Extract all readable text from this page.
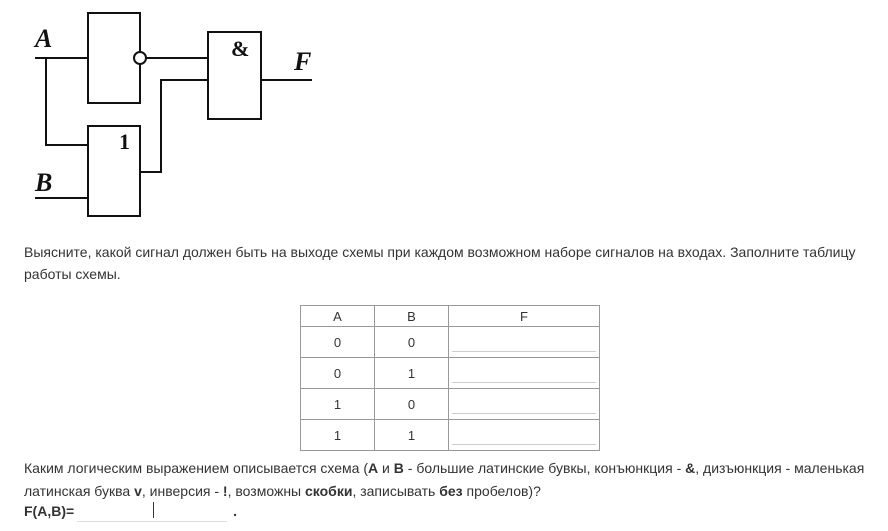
A
B
F
&
1
Выясните, какой сигнал должен быть на выходе схемы при каждом возможном наборе сигналов на входах. Заполните таблицу работы схемы.
A	B	F
0	0	

0	1	

1	0	

1	1	
Каким логическим выражением описывается схема (A и B - большие латинские бувкы, конъюнкция - &, дизъюнкция - маленькая латинская буква v, инверсия - !, возможны скобки, записывать без пробелов)?
F(A,B)=	.
